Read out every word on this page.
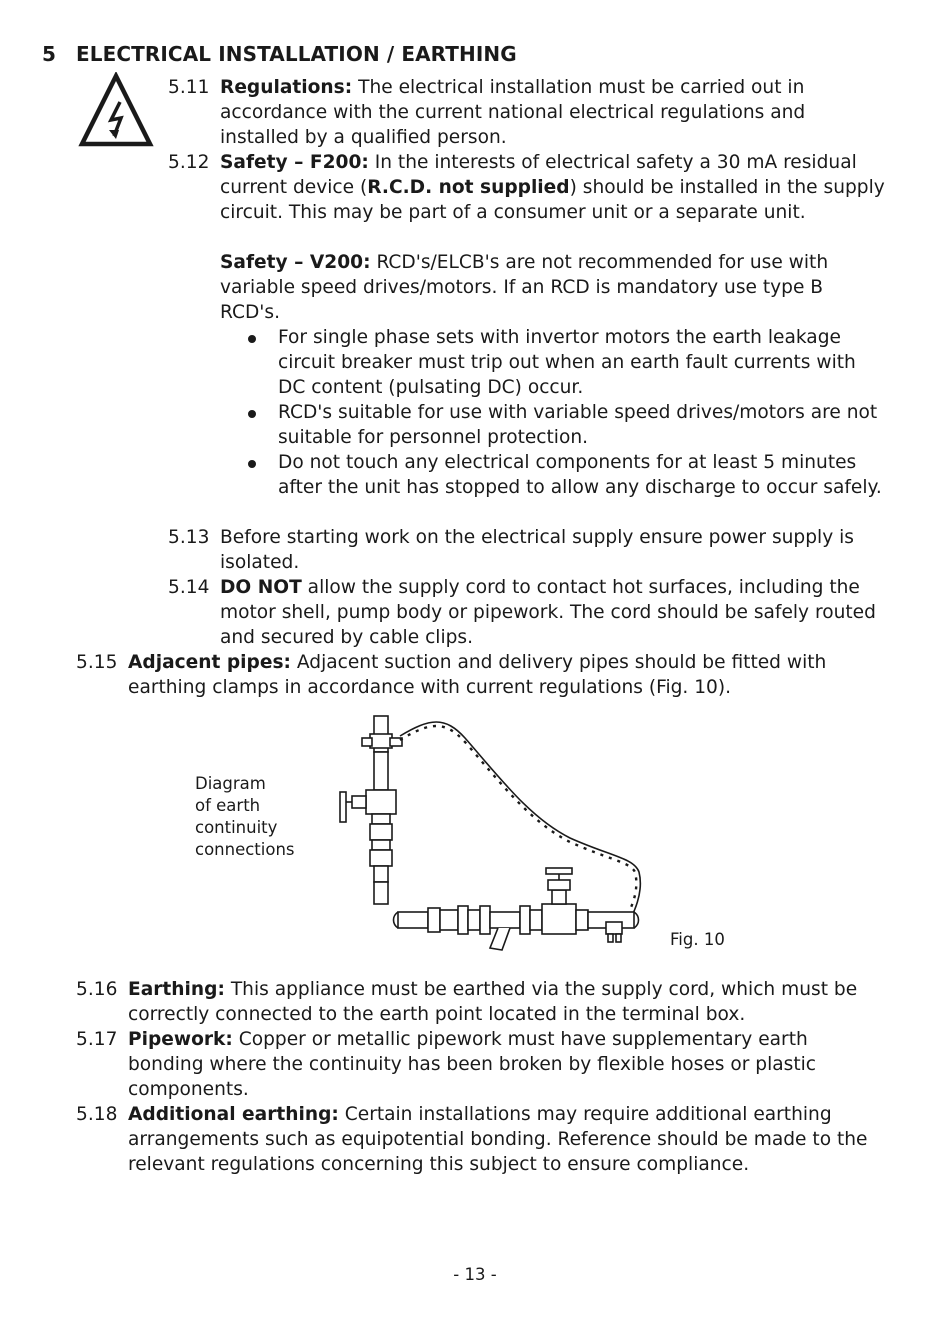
5 ELECTRICAL INSTALLATION / EARTHING
5.11 Regulations: The electrical installation must be carried out in accordance with the current national electrical regulations and installed by a qualified person.
5.12 Safety – F200: In the interests of electrical safety a 30 mA residual current device (R.C.D. not supplied) should be installed in the supply circuit. This may be part of a consumer unit or a separate unit.
Safety – V200: RCD's/ELCB's are not recommended for use with variable speed drives/motors. If an RCD is mandatory use type B RCD's.
For single phase sets with invertor motors the earth leakage circuit breaker must trip out when an earth fault currents with DC content (pulsating DC) occur.
RCD's suitable for use with variable speed drives/motors are not suitable for personnel protection.
Do not touch any electrical components for at least 5 minutes after the unit has stopped to allow any discharge to occur safely.
5.13 Before starting work on the electrical supply ensure power supply is isolated.
5.14 DO NOT allow the supply cord to contact hot surfaces, including the motor shell, pump body or pipework. The cord should be safely routed and secured by cable clips.
5.15 Adjacent pipes: Adjacent suction and delivery pipes should be fitted with earthing clamps in accordance with current regulations (Fig. 10).
Diagram
of earth
continuity
connections
Fig. 10
5.16 Earthing: This appliance must be earthed via the supply cord, which must be correctly connected to the earth point located in the terminal box.
5.17 Pipework: Copper or metallic pipework must have supplementary earth bonding where the continuity has been broken by flexible hoses or plastic components.
5.18 Additional earthing: Certain installations may require additional earthing arrangements such as equipotential bonding. Reference should be made to the relevant regulations concerning this subject to ensure compliance.
- 13 -
